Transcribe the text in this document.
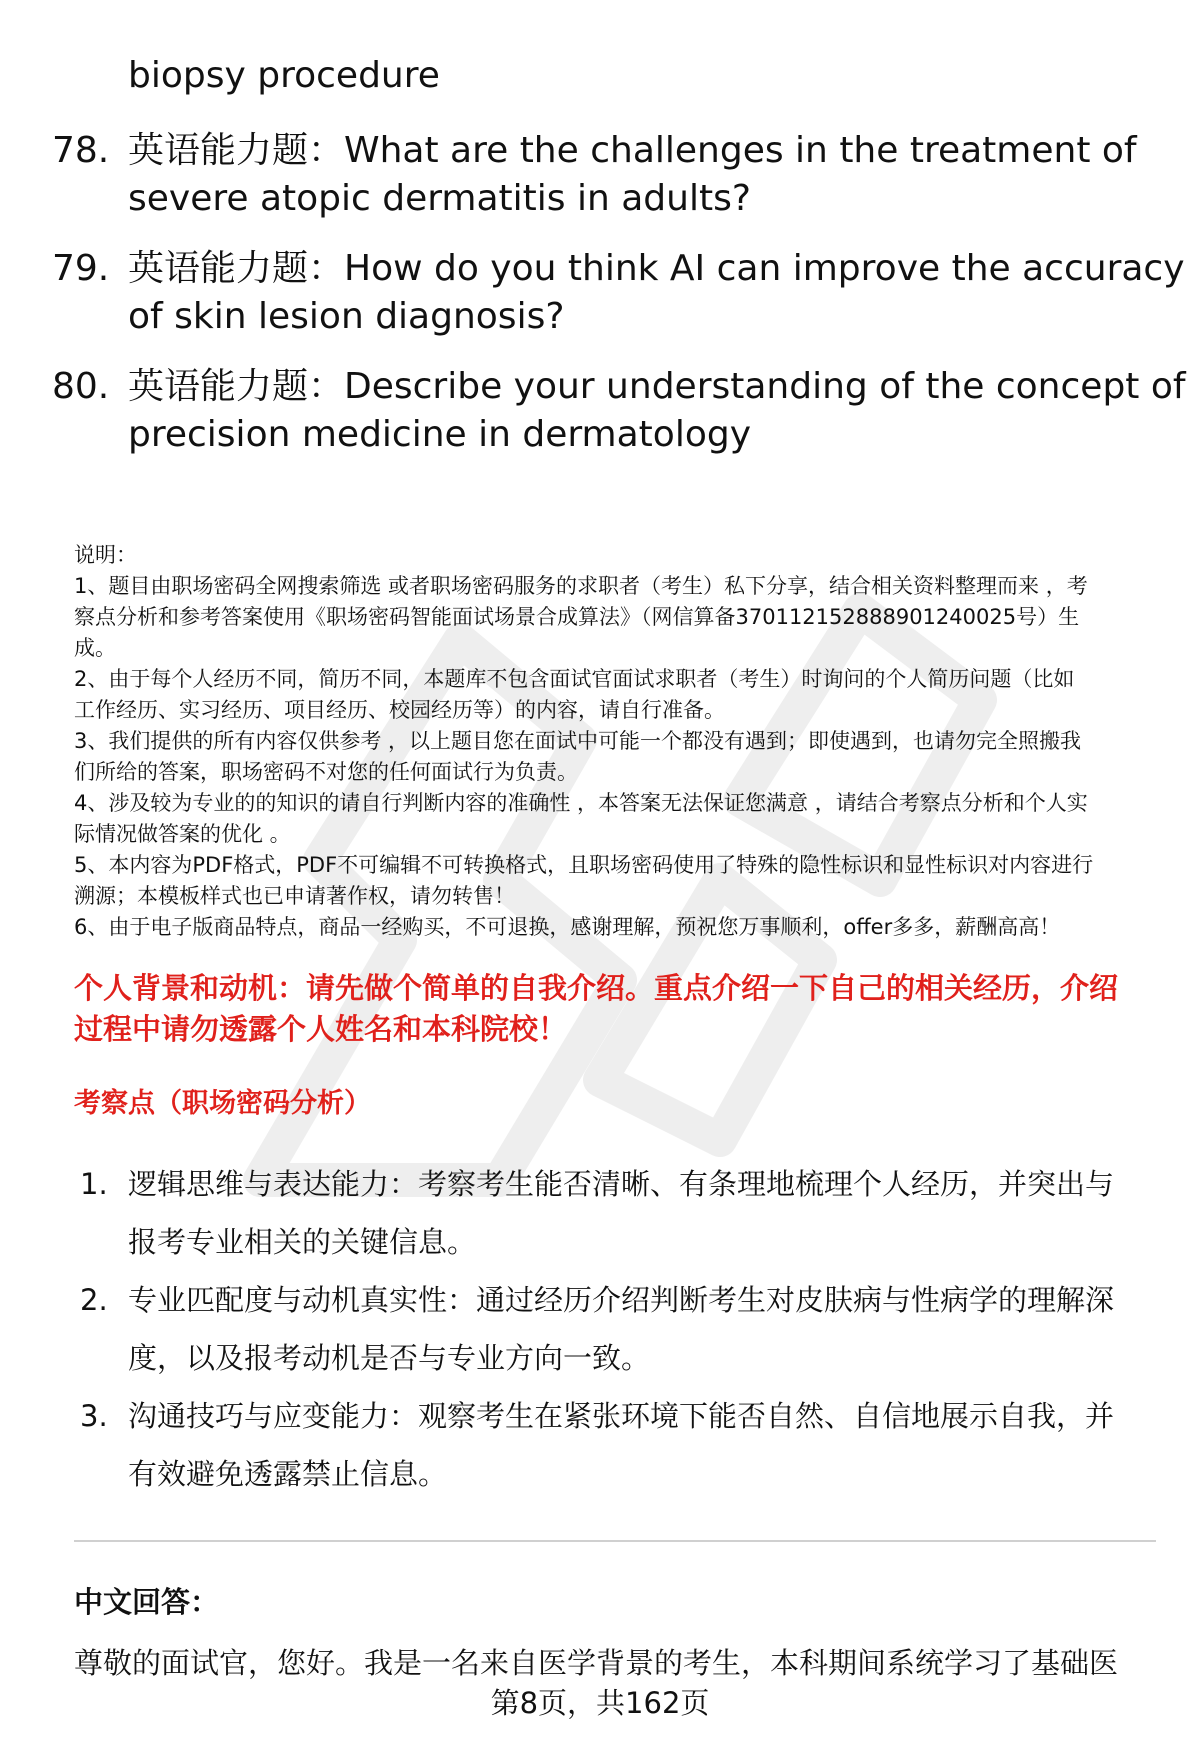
biopsy procedure
78. 英语能力题：What are the challenges in the treatment of
severe atopic dermatitis in adults?
79. 英语能力题：How do you think AI can improve the accuracy
of skin lesion diagnosis?
80. 英语能力题：Describe your understanding of the concept of
precision medicine in dermatology
说明：
1、题目由职场密码全网搜索筛选 或者职场密码服务的求职者（考生）私下分享，结合相关资料整理而来 ，考
察点分析和参考答案使用《职场密码智能面试场景合成算法》（网信算备370112152888901240025号）生
成。
2、由于每个人经历不同，简历不同，本题库不包含面试官面试求职者（考生）时询问的个人简历问题（比如
工作经历、实习经历、项目经历、校园经历等）的内容，请自行准备。
3、我们提供的所有内容仅供参考 ，以上题目您在面试中可能一个都没有遇到；即使遇到，也请勿完全照搬我
们所给的答案，职场密码不对您的任何面试行为负责。
4、涉及较为专业的的知识的请自行判断内容的准确性 ，本答案无法保证您满意 ，请结合考察点分析和个人实
际情况做答案的优化 。
5、本内容为PDF格式，PDF不可编辑不可转换格式，且职场密码使用了特殊的隐性标识和显性标识对内容进行
溯源；本模板样式也已申请著作权，请勿转售！
6、由于电子版商品特点，商品一经购买，不可退换，感谢理解，预祝您万事顺利，offer多多，薪酬高高！
个人背景和动机：请先做个简单的自我介绍。重点介绍一下自己的相关经历，介绍
过程中请勿透露个人姓名和本科院校！
考察点（职场密码分析）
1. 逻辑思维与表达能力：考察考生能否清晰、有条理地梳理个人经历，并突出与
报考专业相关的关键信息。
2. 专业匹配度与动机真实性：通过经历介绍判断考生对皮肤病与性病学的理解深
度，以及报考动机是否与专业方向一致。
3. 沟通技巧与应变能力：观察考生在紧张环境下能否自然、自信地展示自我，并
有效避免透露禁止信息。
中文回答：
尊敬的面试官，您好。我是一名来自医学背景的考生，本科期间系统学习了基础医
第8页，共162页
